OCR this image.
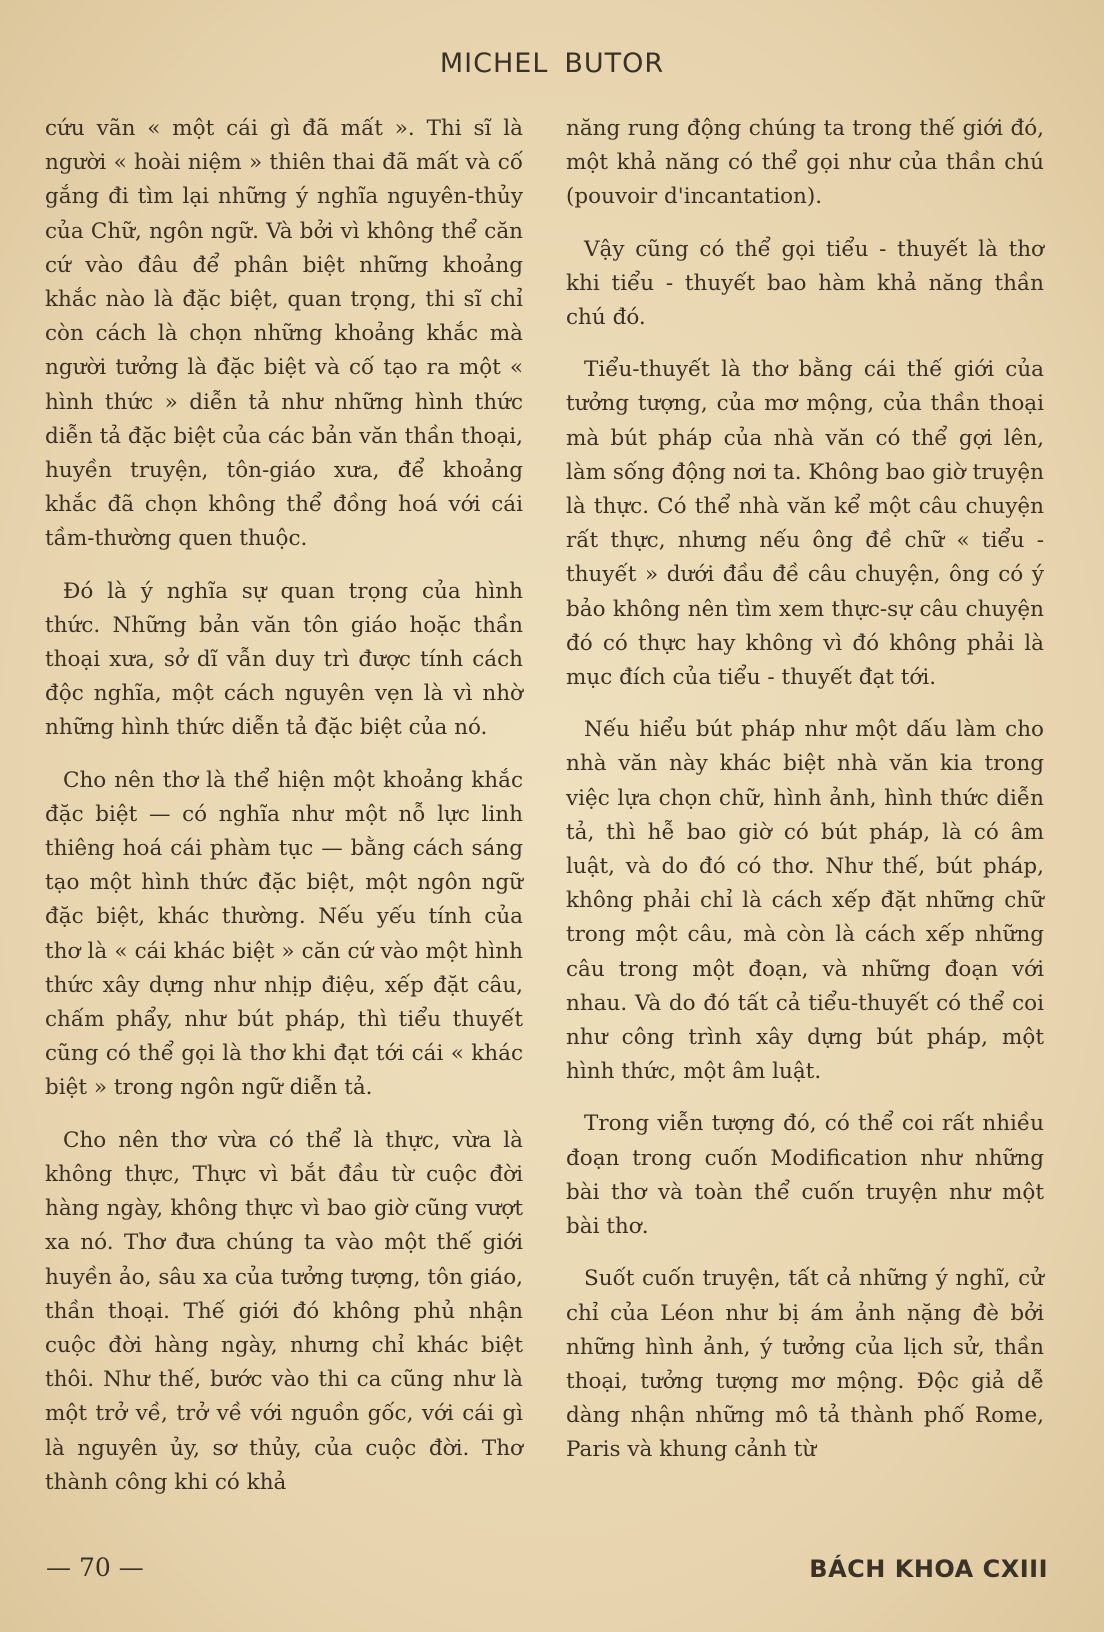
MICHEL BUTOR

cứu vãn « một cái gì đã mất ». Thi sĩ là người « hoài niệm » thiên thai đã mất và cố gắng đi tìm lại những ý nghĩa nguyên-thủy của Chữ, ngôn ngữ. Và bởi vì không thể căn cứ vào đâu để phân biệt những khoảng khắc nào là đặc biệt, quan trọng, thi sĩ chỉ còn cách là chọn những khoảng khắc mà người tưởng là đặc biệt và cố tạo ra một « hình thức » diễn tả như những hình thức diễn tả đặc biệt của các bản văn thần thoại, huyền truyện, tôn-giáo xưa, để khoảng khắc đã chọn không thể đồng hoá với cái tầm-thường quen thuộc.

Đó là ý nghĩa sự quan trọng của hình thức. Những bản văn tôn giáo hoặc thần thoại xưa, sở dĩ vẫn duy trì được tính cách độc nghĩa, một cách nguyên vẹn là vì nhờ những hình thức diễn tả đặc biệt của nó.

Cho nên thơ là thể hiện một khoảng khắc đặc biệt — có nghĩa như một nỗ lực linh thiêng hoá cái phàm tục — bằng cách sáng tạo một hình thức đặc biệt, một ngôn ngữ đặc biệt, khác thường. Nếu yếu tính của thơ là « cái khác biệt » căn cứ vào một hình thức xây dựng như nhịp điệu, xếp đặt câu, chấm phẩy, như bút pháp, thì tiểu thuyết cũng có thể gọi là thơ khi đạt tới cái « khác biệt » trong ngôn ngữ diễn tả.

Cho nên thơ vừa có thể là thực, vừa là không thực, Thực vì bắt đầu từ cuộc đời hàng ngày, không thực vì bao giờ cũng vượt xa nó. Thơ đưa chúng ta vào một thế giới huyền ảo, sâu xa của tưởng tượng, tôn giáo, thần thoại. Thế giới đó không phủ nhận cuộc đời hàng ngày, nhưng chỉ khác biệt thôi. Như thế, bước vào thi ca cũng như là một trở về, trở về với nguồn gốc, với cái gì là nguyên ủy, sơ thủy, của cuộc đời. Thơ thành công khi có khả

năng rung động chúng ta trong thế giới đó, một khả năng có thể gọi như của thần chú (pouvoir d'incantation).

Vậy cũng có thể gọi tiểu - thuyết là thơ khi tiểu - thuyết bao hàm khả năng thần chú đó.

Tiểu-thuyết là thơ bằng cái thế giới của tưởng tượng, của mơ mộng, của thần thoại mà bút pháp của nhà văn có thể gợi lên, làm sống động nơi ta. Không bao giờ truyện là thực. Có thể nhà văn kể một câu chuyện rất thực, nhưng nếu ông đề chữ « tiểu - thuyết » dưới đầu đề câu chuyện, ông có ý bảo không nên tìm xem thực-sự câu chuyện đó có thực hay không vì đó không phải là mục đích của tiểu - thuyết đạt tới.

Nếu hiểu bút pháp như một dấu làm cho nhà văn này khác biệt nhà văn kia trong việc lựa chọn chữ, hình ảnh, hình thức diễn tả, thì hễ bao giờ có bút pháp, là có âm luật, và do đó có thơ. Như thế, bút pháp, không phải chỉ là cách xếp đặt những chữ trong một câu, mà còn là cách xếp những câu trong một đoạn, và những đoạn với nhau. Và do đó tất cả tiểu-thuyết có thể coi như công trình xây dựng bút pháp, một hình thức, một âm luật.

Trong viễn tượng đó, có thể coi rất nhiều đoạn trong cuốn Modification như những bài thơ và toàn thể cuốn truyện như một bài thơ.

Suốt cuốn truyện, tất cả những ý nghĩ, cử chỉ của Léon như bị ám ảnh nặng đè bởi những hình ảnh, ý tưởng của lịch sử, thần thoại, tưởng tượng mơ mộng. Độc giả dễ dàng nhận những mô tả thành phố Rome, Paris và khung cảnh từ

— 70 —	BÁCH KHOA CXIII
